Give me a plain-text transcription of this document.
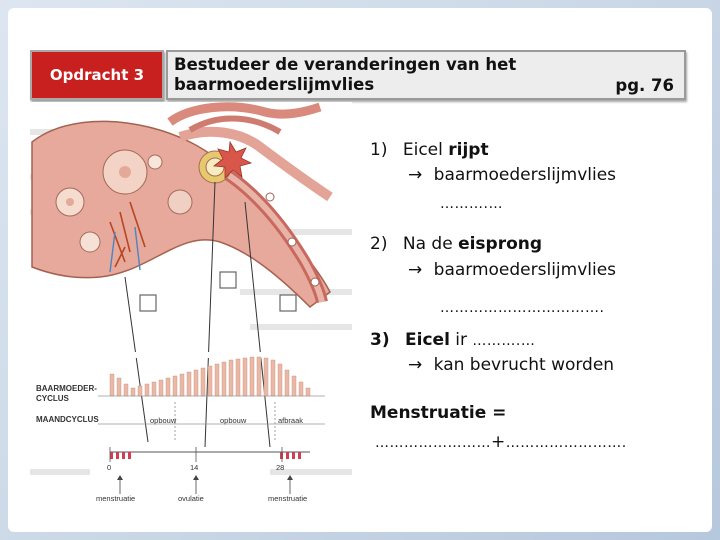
Opdracht 3
Bestudeer de veranderingen van het baarmoederslijmvlies	pg. 76
BAARMOEDER-
CYCLUS
MAANDCYCLUS	opbouw	opbouw	afbraak
0	14	28
menstruatie	ovulatie	menstruatie
1) Eicel rijpt
→ baarmoederslijmvlies
……….…
2) Na de eisprong
→ baarmoederslijmvlies
…………………………….
3) Eicel ir ……….…
→ kan bevrucht worden
Menstruatie =
……………………+…………………….
